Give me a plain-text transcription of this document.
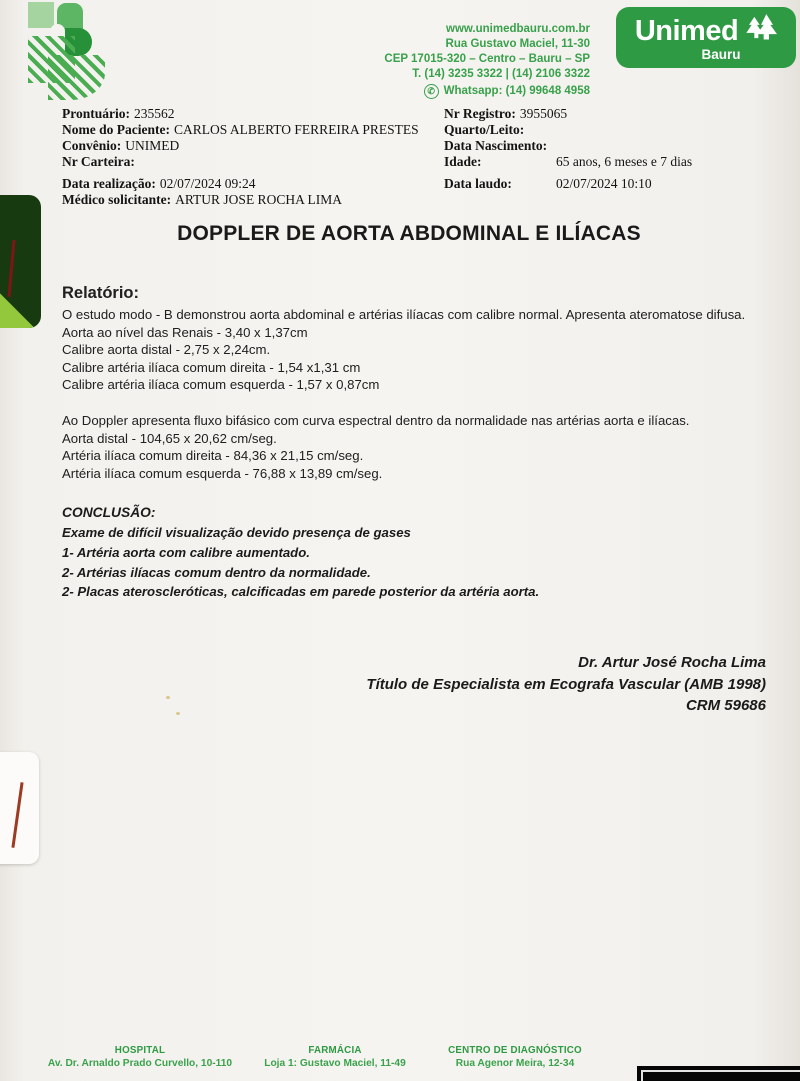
www.unimedbauru.com.br
Rua Gustavo Maciel, 11-30
CEP 17015-320 – Centro – Bauru – SP
T. (14) 3235 3322 | (14) 2106 3322
✆ Whatsapp: (14) 99648 4958
Unimed
Bauru
Prontuário: 235562
Nome do Paciente: CARLOS ALBERTO FERREIRA PRESTES
Convênio: UNIMED
Nr Carteira:
Data realização: 02/07/2024 09:24
Médico solicitante: ARTUR JOSE ROCHA LIMA
Nr Registro: 3955065
Quarto/Leito:
Data Nascimento:
Idade:	65 anos, 6 meses e 7 dias
Data laudo:	02/07/2024 10:10
DOPPLER DE AORTA ABDOMINAL E ILÍACAS
Relatório:
O estudo modo - B demonstrou aorta abdominal e artérias ilíacas com calibre normal. Apresenta ateromatose difusa.
Aorta ao nível das Renais - 3,40 x 1,37cm
Calibre aorta distal - 2,75 x 2,24cm.
Calibre artéria ilíaca comum direita - 1,54 x1,31 cm
Calibre artéria ilíaca comum esquerda - 1,57 x 0,87cm
Ao Doppler apresenta fluxo bifásico com curva espectral dentro da normalidade nas artérias aorta e ilíacas.
Aorta distal - 104,65 x 20,62 cm/seg.
Artéria ilíaca comum direita - 84,36 x 21,15 cm/seg.
Artéria ilíaca comum esquerda - 76,88 x 13,89 cm/seg.
CONCLUSÃO:
Exame de difícil visualização devido presença de gases
1- Artéria aorta com calibre aumentado.
2- Artérias ilíacas comum dentro da normalidade.
2- Placas ateroscleróticas, calcificadas em parede posterior da artéria aorta.
Dr. Artur José Rocha Lima
Título de Especialista em Ecografa Vascular (AMB 1998)
CRM 59686
HOSPITAL
Av. Dr. Arnaldo Prado Curvello, 10-110
FARMÁCIA
Loja 1: Gustavo Maciel, 11-49
CENTRO DE DIAGNÓSTICO
Rua Agenor Meira, 12-34
